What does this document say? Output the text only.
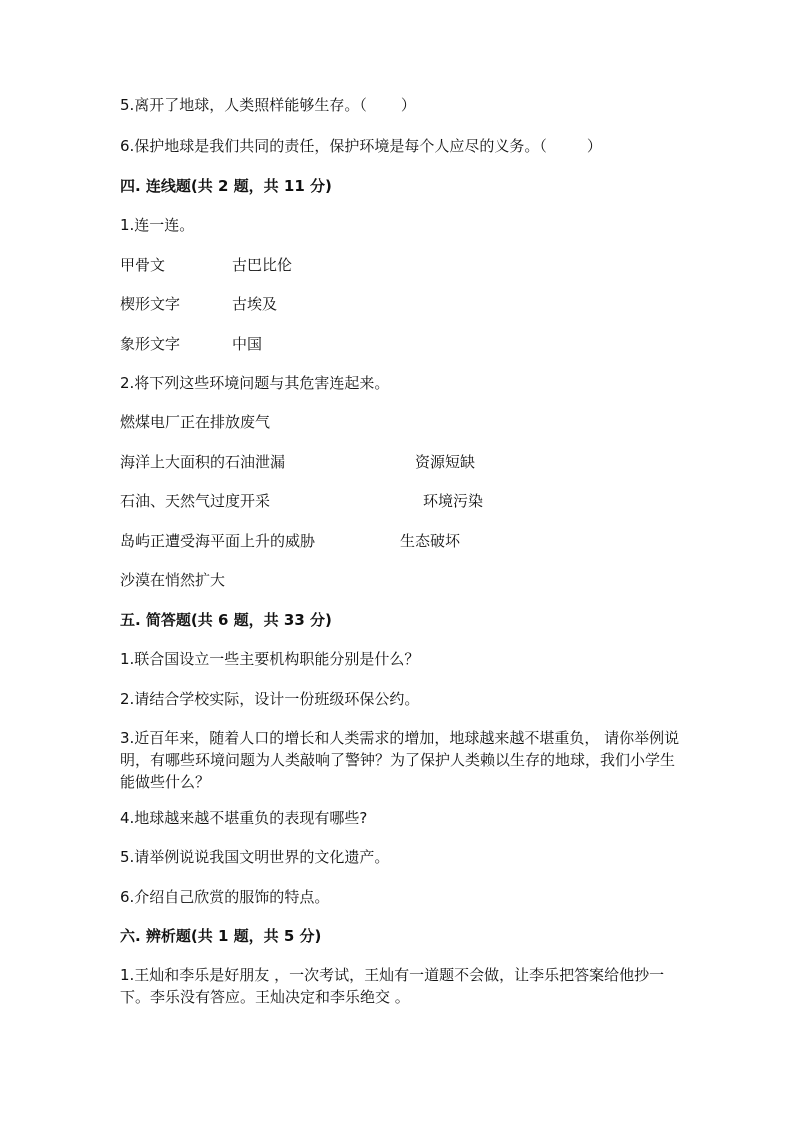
5.离开了地球，人类照样能够生存。（ ）
6.保护地球是我们共同的责任，保护环境是每个人应尽的义务。（	）
四. 连线题(共 2 题，共 11 分)
1.连一连。
甲骨文	古巴比伦
楔形文字	古埃及
象形文字	中国
2.将下列这些环境问题与其危害连起来。
燃煤电厂正在排放废气
海洋上大面积的石油泄漏	资源短缺
石油、天然气过度开采	环境污染
岛屿正遭受海平面上升的威胁	生态破坏
沙漠在悄然扩大
五. 简答题(共 6 题，共 33 分)
1.联合国设立一些主要机构职能分别是什么？
2.请结合学校实际，设计一份班级环保公约。
3.近百年来，随着人口的增长和人类需求的增加，地球越来越不堪重负， 请你举例说明，有哪些环境问题为人类敲响了警钟？为了保护人类赖以生存的地球，我们小学生能做些什么？
4.地球越来越不堪重负的表现有哪些?
5.请举例说说我国文明世界的文化遗产。
6.介绍自己欣赏的服饰的特点。
六. 辨析题(共 1 题，共 5 分)
1.王灿和李乐是好朋友 ，一次考试，王灿有一道题不会做，让李乐把答案给他抄一下。李乐没有答应。王灿决定和李乐绝交 。
